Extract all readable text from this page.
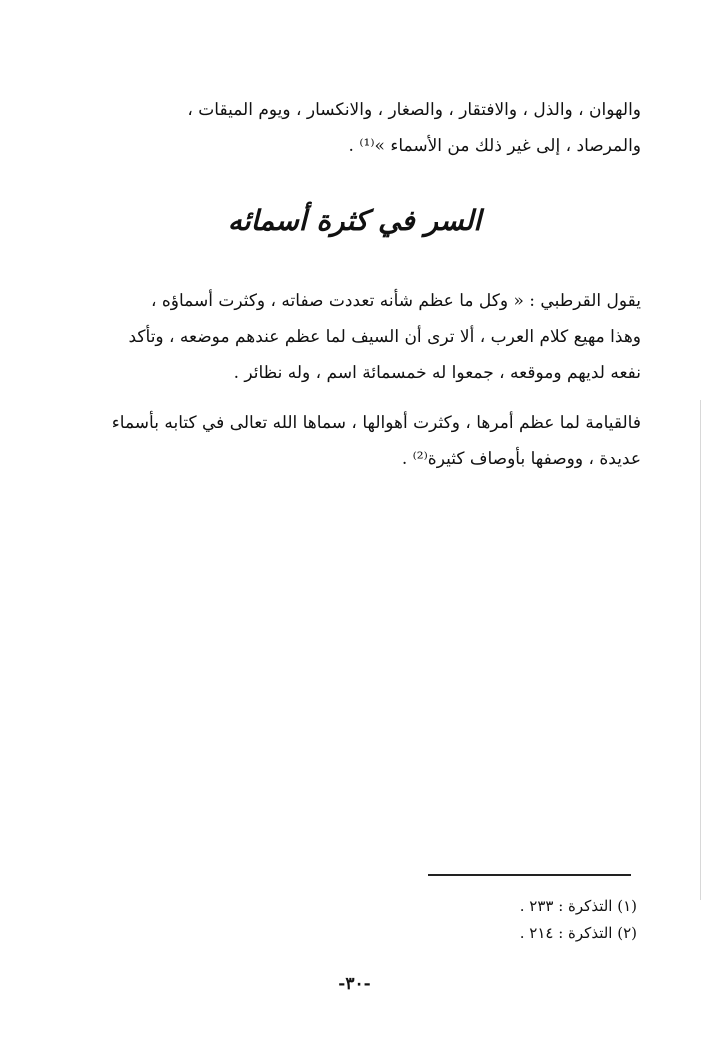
والهوان ، والذل ، والافتقار ، والصغار ، والانكسار ، ويوم الميقات ،
والمرصاد ، إلى غير ذلك من الأسماء »⁽¹⁾ .

السر في كثرة أسمائه

يقول القرطبي : « وكل ما عظم شأنه تعددت صفاته ، وكثرت أسماؤه ،
وهذا مهيع كلام العرب ، ألا ترى أن السيف لما عظم عندهم موضعه ، وتأكد
نفعه لديهم وموقعه ، جمعوا له خمسمائة اسم ، وله نظائر .

فالقيامة لما عظم أمرها ، وكثرت أهوالها ، سماها الله تعالى في كتابه بأسماء
عديدة ، ووصفها بأوصاف كثيرة⁽²⁾ .

(١) التذكرة : ٢٣٣ .
(٢) التذكرة : ٢١٤ .
-٣٠-
